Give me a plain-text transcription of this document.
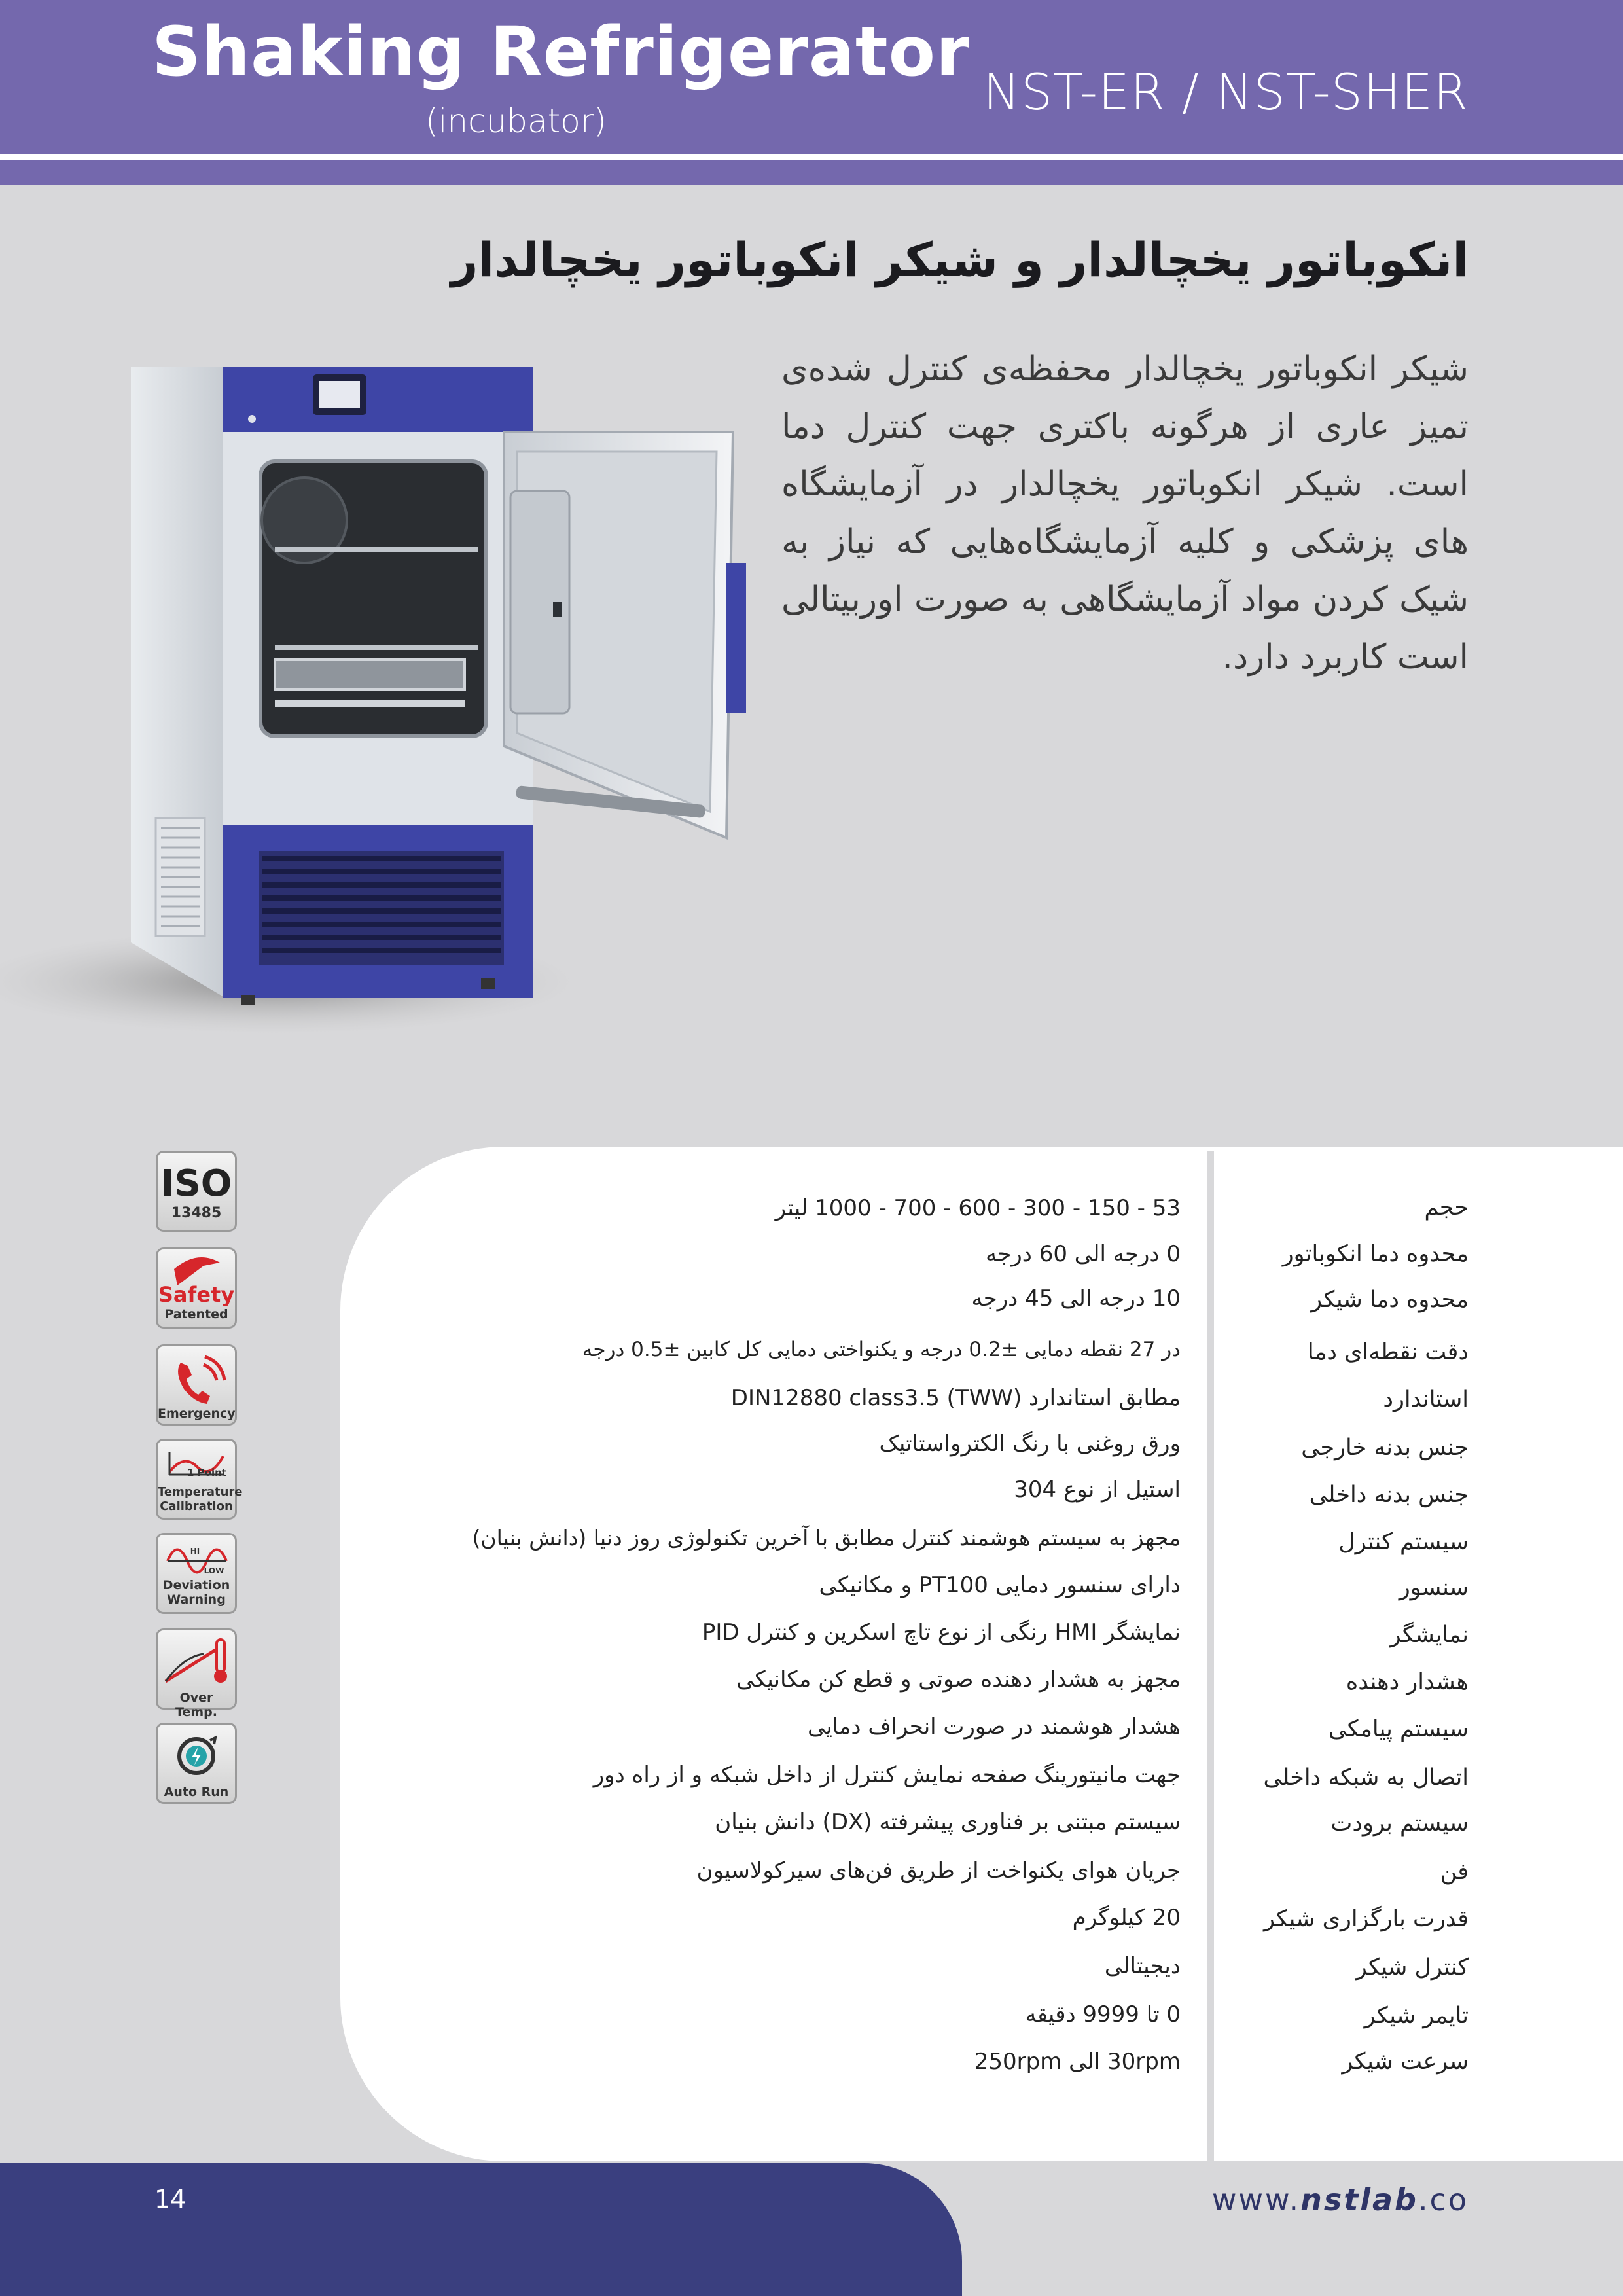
Shaking Refrigerator
(incubator)	NST-ER / NST-SHER
انکوباتور یخچالدار و شیکر انکوباتور یخچالدار
شیکر انکوباتور یخچالدار محفظه‌ی کنترل شده‌ی تمیز عاری از هرگونه باکتری جهت کنترل دما است. شیکر انکوباتور یخچالدار در آزمایشگاه های پزشکی و کلیه آزمایشگاه‌هایی که نیاز به شیک کردن مواد آزمایشگاهی به صورت اوربیتالی است کاربرد دارد.
ISO
13485
Safety
Patented
Emergency
1 Point
Temperature
Calibration
HI
LOW
Deviation
Warning
Over Temp.
Auto Run
حجم
محدوه دما انکوباتور
محدوه دما شیکر
دقت نقطه‌ای دما
استاندارد
جنس بدنه خارجی
جنس بدنه داخلی
سیستم کنترل
سنسور
نمایشگر
هشدار دهنده
سیستم پیامکی
اتصال به شبکه داخلی
سیستم برودت
فن
قدرت بارگزاری شیکر
کنترل شیکر
تایمر شیکر
سرعت شیکر
53 - 150 - 300 - 600 - 700 - 1000 لیتر
0 درجه الی 60 درجه
10 درجه الی 45 درجه
در 27 نقطه دمایی ±0.2 درجه و یکنواختی دمایی کل کابین ±0.5 درجه
مطابق استاندارد DIN12880 class3.5 (TWW)
ورق روغنی با رنگ الکترواستاتیک
استیل از نوع 304
مجهز به سیستم هوشمند کنترل مطابق با آخرین تکنولوژی روز دنیا (دانش بنیان)
دارای سنسور دمایی PT100 و مکانیکی
نمایشگر HMI رنگی از نوع تاچ اسکرین و کنترل PID
مجهز به هشدار دهنده صوتی و قطع کن مکانیکی
هشدار هوشمند در صورت انحراف دمایی
جهت مانیتورینگ صفحه نمایش کنترل از داخل شبکه و از راه دور
سیستم مبتنی بر فناوری پیشرفته (DX) دانش بنیان
جریان هوای یکنواخت از طریق فن‌های سیرکولاسیون
20 کیلوگرم
دیجیتالی
0 تا 9999 دقیقه
30rpm الی 250rpm
14	www.nstlab.co
